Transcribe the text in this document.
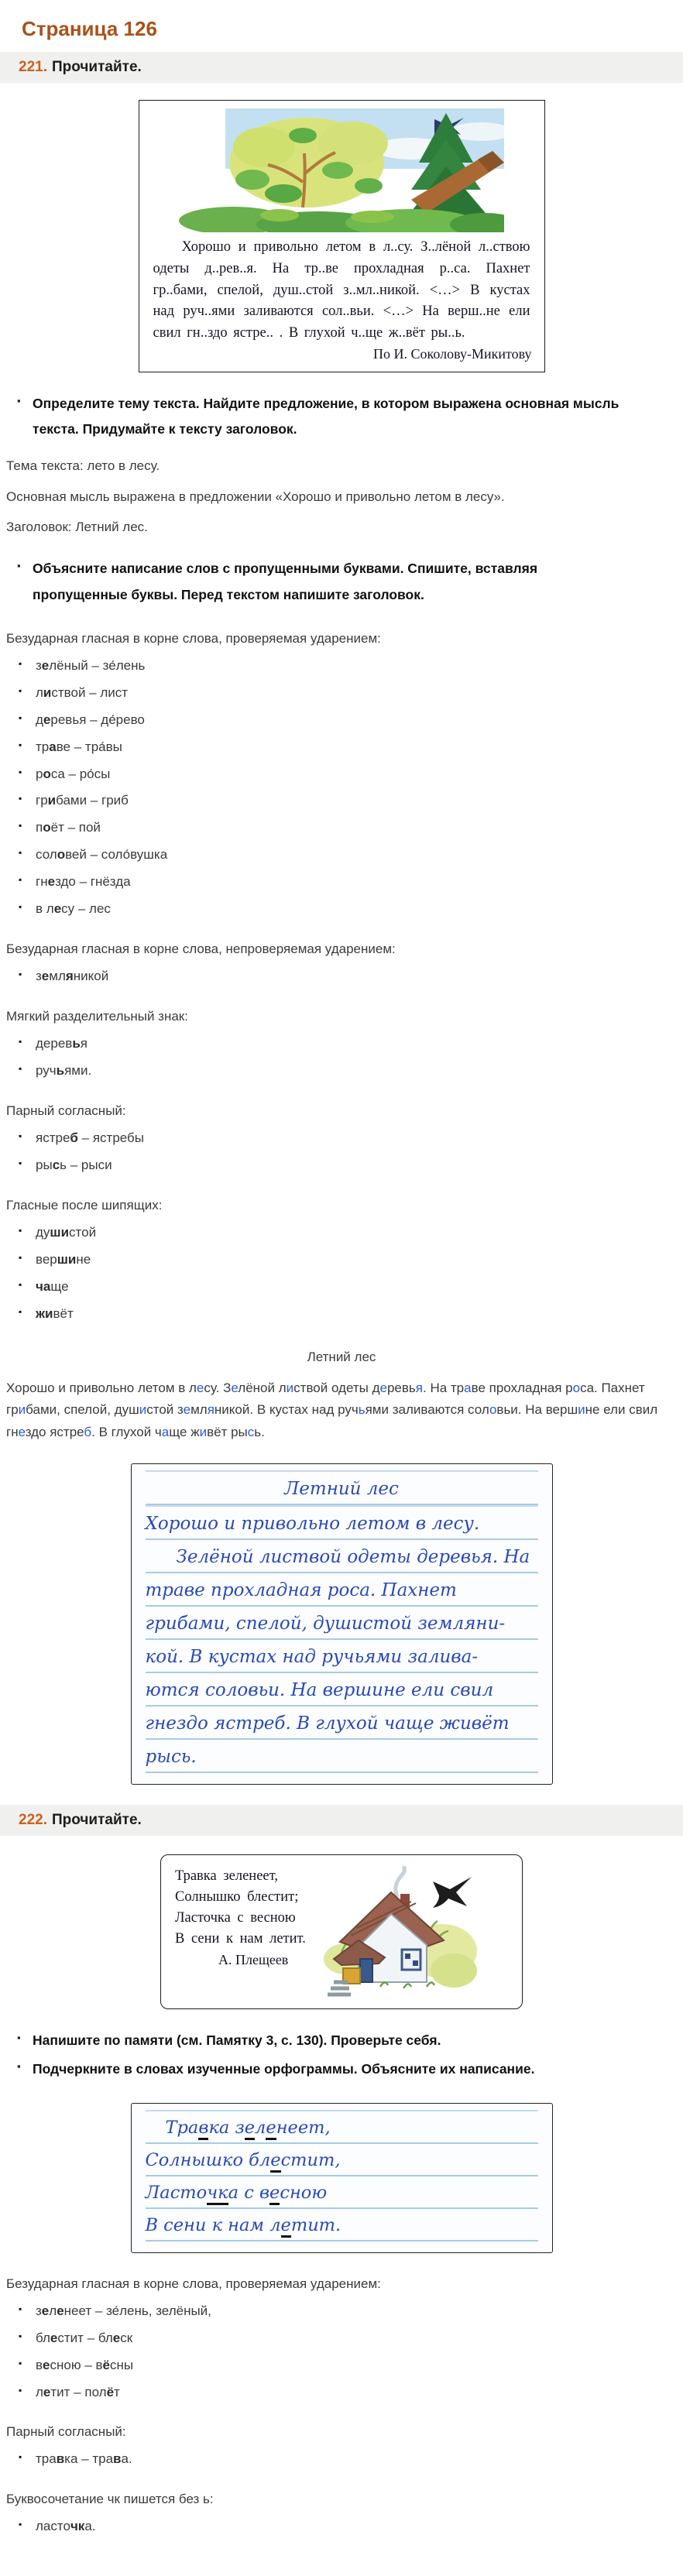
Страница 126
221. Прочитайте.
Хорошо и привольно летом в л..су. З..лёной л..ствою одеты д..рев..я. На тр..ве прохладная р..са. Пахнет гр..бами, спелой, душ..стой з..мл..никой. <…> В кустах над руч..ями заливаются сол..вьи. <…> На верш..не ели свил гн..здо ястре.. . В глухой ч..ще ж..вёт ры..ь.
По И. Соколову-Микитову
▪ Определите тему текста. Найдите предложение, в котором выражена основная мысль текста. Придумайте к тексту заголовок.
Тема текста: лето в лесу.
Основная мысль выражена в предложении «Хорошо и привольно летом в лесу».
Заголовок: Летний лес.
▪ Объясните написание слов с пропущенными буквами. Спишите, вставляя пропущенные буквы. Перед текстом напишите заголовок.
Безударная гласная в корне слова, проверяемая ударением:
▪ зелёный – зе́лень
▪ листвой – лист
▪ деревья – де́рево
▪ траве – тра́вы
▪ роса – ро́сы
▪ грибами – гриб
▪ поёт – пой
▪ соловей – соло́вушка
▪ гнездо – гнёзда
▪ в лесу – лес
Безударная гласная в корне слова, непроверяемая ударением:
▪ земляникой
Мягкий разделительный знак:
▪ деревья
▪ ручьями.
Парный согласный:
▪ ястреб – ястребы
▪ рысь – рыси
Гласные после шипящих:
▪ душистой
▪ вершине
▪ чаще
▪ живёт
Летний лес
Хорошо и привольно летом в лесу. Зелёной листвой одеты деревья. На траве прохладная роса. Пахнет грибами, спелой, душистой земляникой. В кустах над ручьями заливаются соловьи. На вершине ели свил гнездо ястреб. В глухой чаще живёт рысь.
Летний лес
Хорошо и привольно летом в лесу.
Зелёной листвой одеты деревья. На
траве прохладная роса. Пахнет
грибами, спелой, душистой земляни-
кой. В кустах над ручьями залива-
ются соловьи. На вершине ели свил
гнездо ястреб. В глухой чаще живёт
рысь.
222. Прочитайте.
Травка зеленеет,
Солнышко блестит;
Ласточка с весною
В сени к нам летит.
А. Плещеев
▪ Напишите по памяти (см. Памятку 3, с. 130). Проверьте себя.
▪ Подчеркните в словах изученные орфограммы. Объясните их написание.
Травка зеленеет,
Солнышко блестит,
Ласточка с весною
В сени к нам летит.
Безударная гласная в корне слова, проверяемая ударением:
▪ зеленеет – зе́лень, зелёный,
▪ блестит – блеск
▪ весною – вёсны
▪ летит – полёт
Парный согласный:
▪ травка – трава.
Буквосочетание чк пишется без ь:
▪ ласточка.
